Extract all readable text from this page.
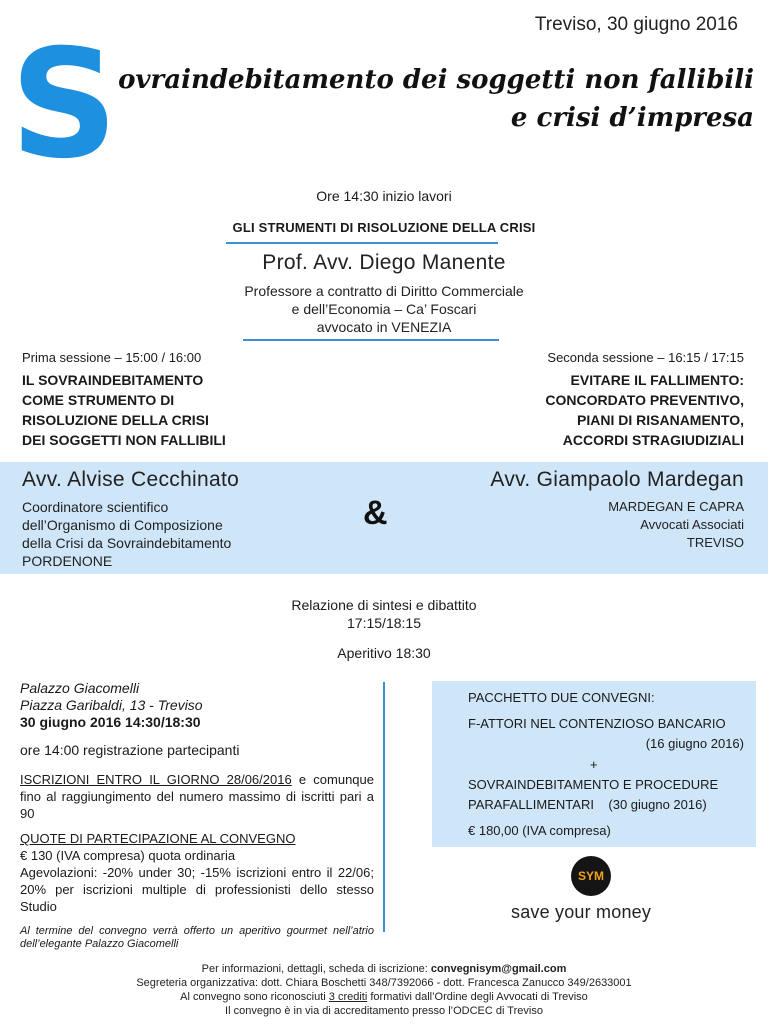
Treviso, 30 giugno 2016
S ovraindebitamento dei soggetti non fallibili
e crisi d’impresa
Ore 14:30 inizio lavori
GLI STRUMENTI DI RISOLUZIONE DELLA CRISI
Prof. Avv. Diego Manente
Professore a contratto di Diritto Commerciale
e dell’Economia – Ca’ Foscari
avvocato in VENEZIA
Prima sessione – 15:00 / 16:00
IL SOVRAINDEBITAMENTO
COME STRUMENTO DI
RISOLUZIONE DELLA CRISI
DEI SOGGETTI NON FALLIBILI
Seconda sessione – 16:15 / 17:15
EVITARE IL FALLIMENTO:
CONCORDATO PREVENTIVO,
PIANI DI RISANAMENTO,
ACCORDI STRAGIUDIZIALI
Avv. Alvise Cecchinato
Coordinatore scientifico
dell’Organismo di Composizione
della Crisi da Sovraindebitamento
PORDENONE
&
Avv. Giampaolo Mardegan
MARDEGAN E CAPRA
Avvocati Associati
TREVISO
Relazione di sintesi e dibattito
17:15/18:15
Aperitivo 18:30
Palazzo Giacomelli
Piazza Garibaldi, 13 - Treviso
30 giugno 2016 14:30/18:30
ore 14:00 registrazione partecipanti
ISCRIZIONI ENTRO IL GIORNO 28/06/2016 e comunque fino al raggiungimento del numero massimo di iscritti pari a 90
QUOTE DI PARTECIPAZIONE AL CONVEGNO
€ 130 (IVA compresa) quota ordinaria
Agevolazioni: -20% under 30; -15% iscrizioni entro il 22/06; 20% per iscrizioni multiple di professionisti dello stesso Studio
Al termine del convegno verrà offerto un aperitivo gourmet nell’atrio dell’elegante Palazzo Giacomelli
PACCHETTO DUE CONVEGNI:
F-ATTORI NEL CONTENZIOSO BANCARIO
(16 giugno 2016)
+
SOVRAINDEBITAMENTO E PROCEDURE
PARAFALLIMENTARI    (30 giugno 2016)
€ 180,00 (IVA compresa)
SYM
save your money
Per informazioni, dettagli, scheda di iscrizione: convegnisym@gmail.com
Segreteria organizzativa: dott. Chiara Boschetti 348/7392066 - dott. Francesca Zanucco 349/2633001
Al convegno sono riconosciuti 3 crediti formativi dall’Ordine degli Avvocati di Treviso
Il convegno è in via di accreditamento presso l’ODCEC di Treviso
